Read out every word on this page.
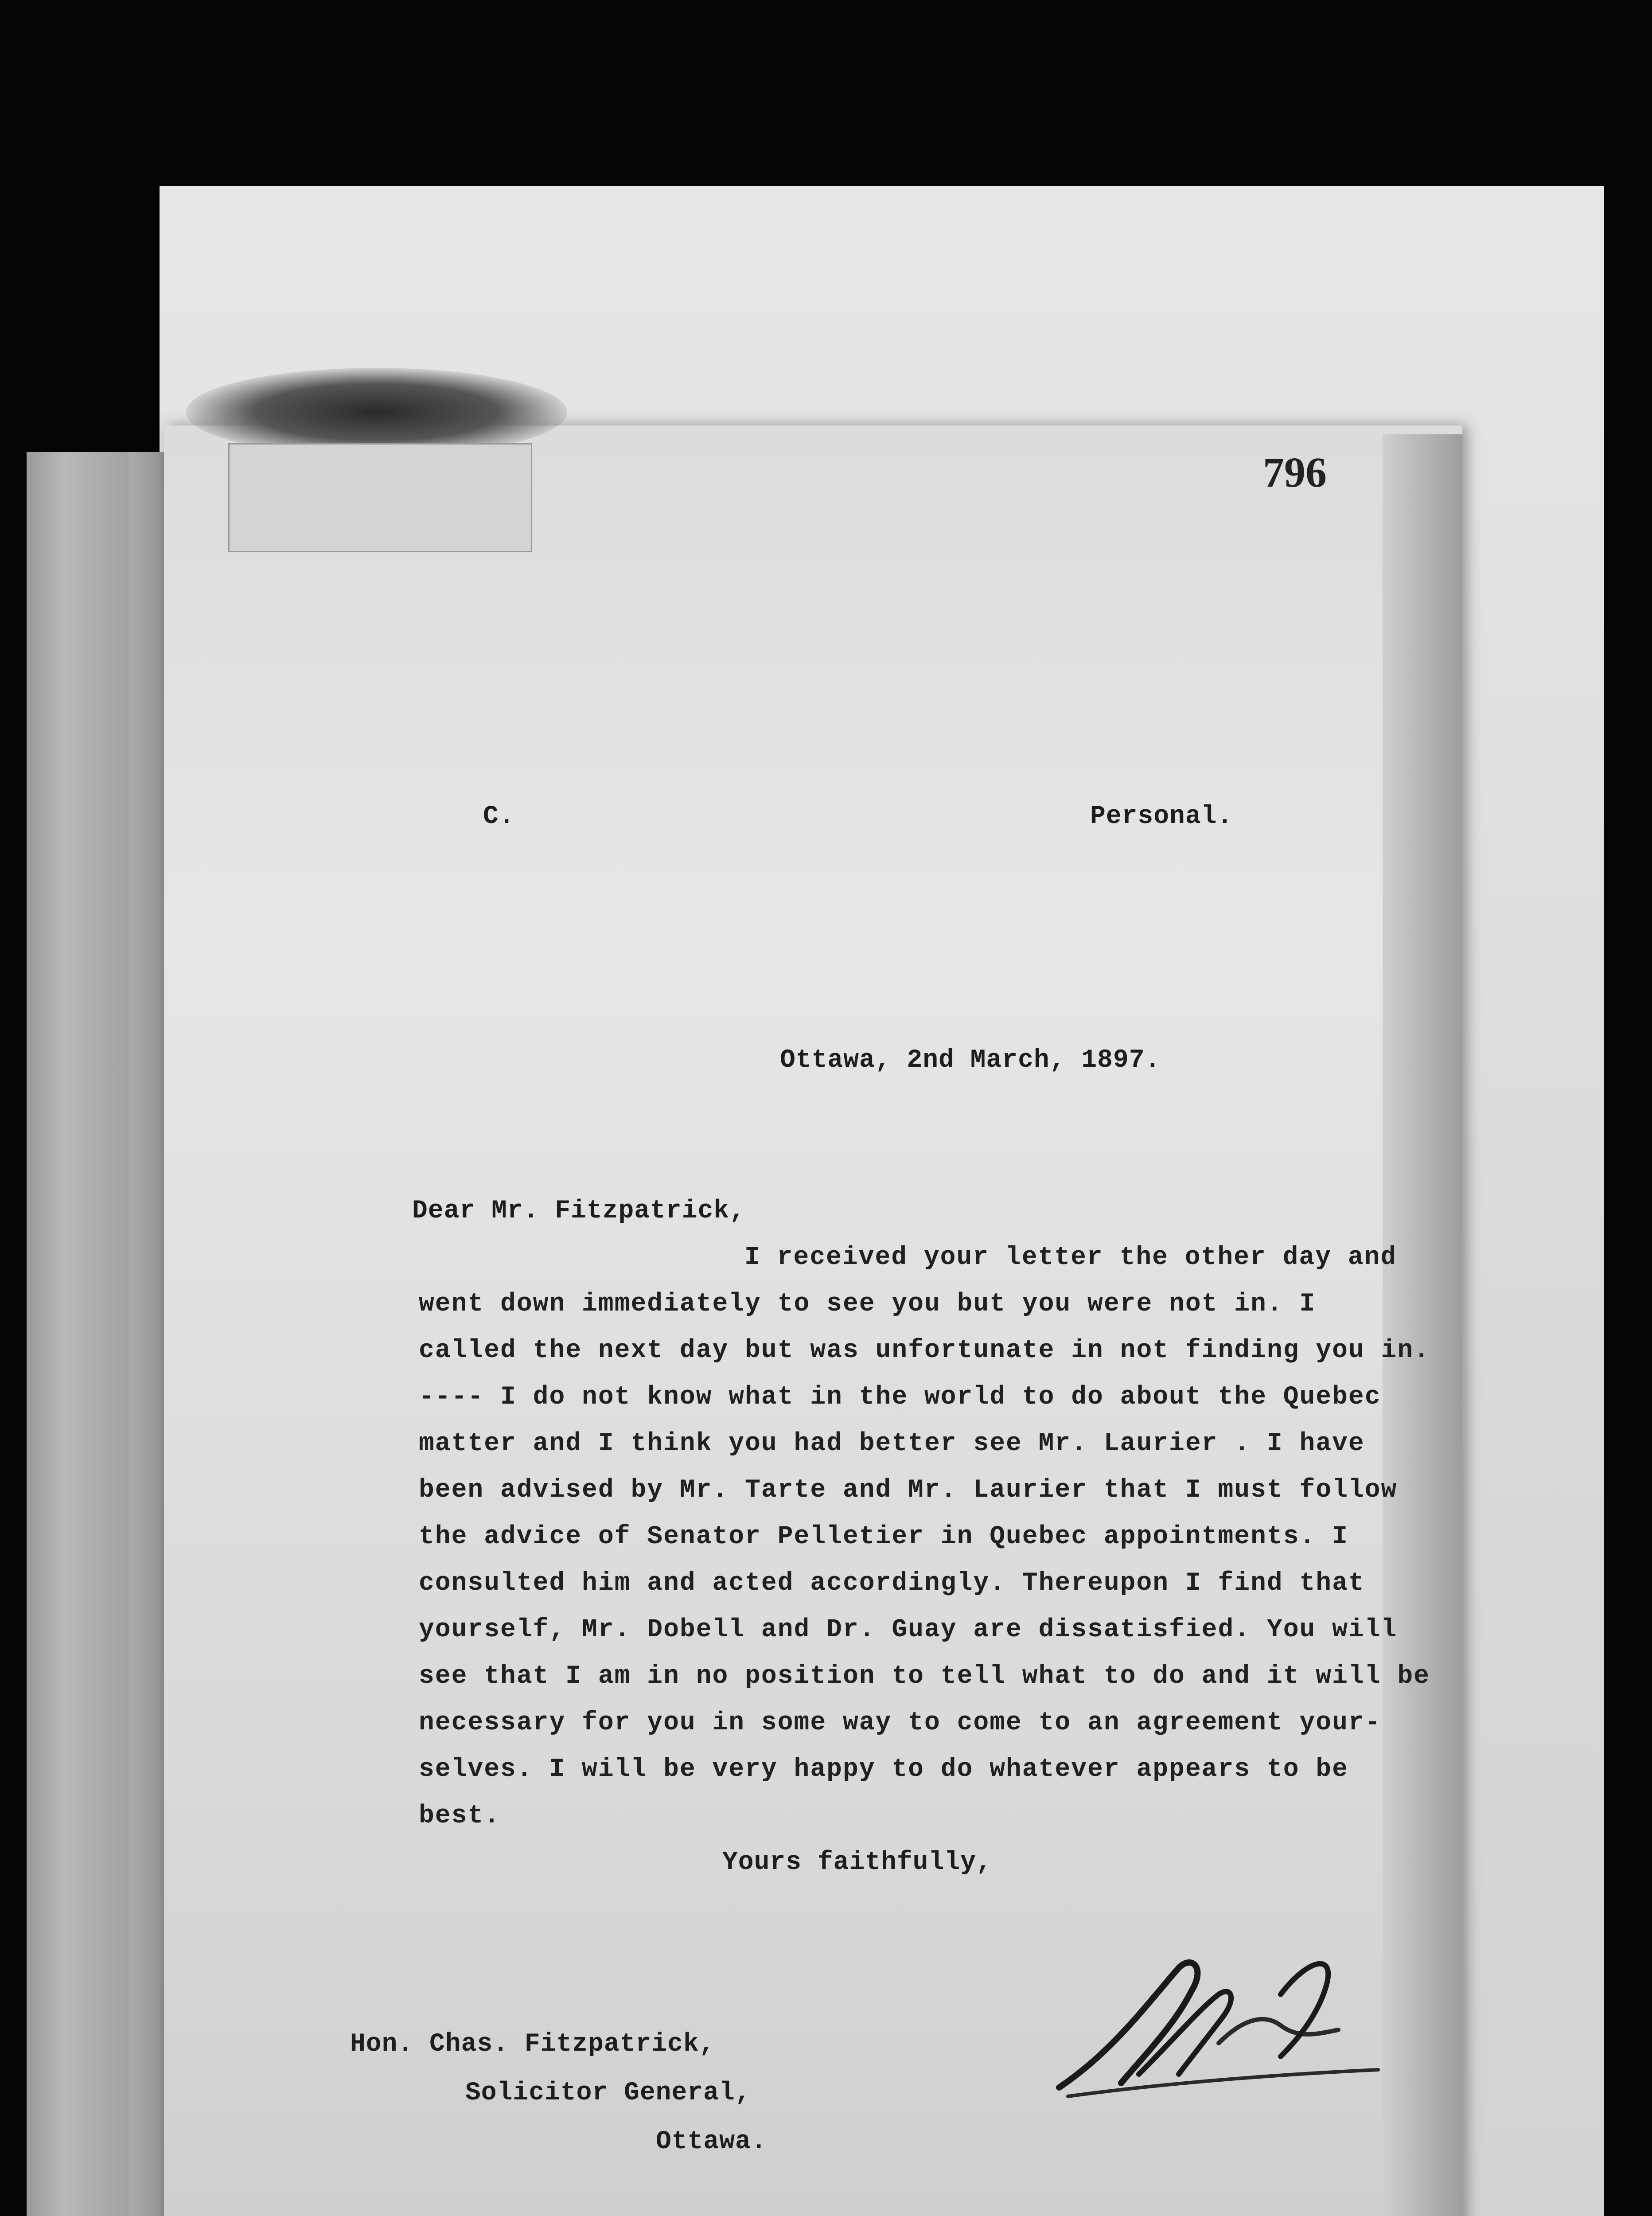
796
C.	Personal.
Ottawa, 2nd March, 1897.
Dear Mr. Fitzpatrick,
I received your letter the other day and
went down immediately to see you but you were not in. I
called the next day but was unfortunate in not finding you in.
---- I do not know what in the world to do about the Quebec
matter and I think you had better see Mr. Laurier . I have
been advised by Mr. Tarte and Mr. Laurier that I must follow
the advice of Senator Pelletier in Quebec appointments. I
consulted him and acted accordingly. Thereupon I find that
yourself, Mr. Dobell and Dr. Guay are dissatisfied. You will
see that I am in no position to tell what to do and it will be
necessary for you in some way to come to an agreement your-
selves. I will be very happy to do whatever appears to be
best.
Yours faithfully,
Hon. Chas. Fitzpatrick,
Solicitor General,
Ottawa.
